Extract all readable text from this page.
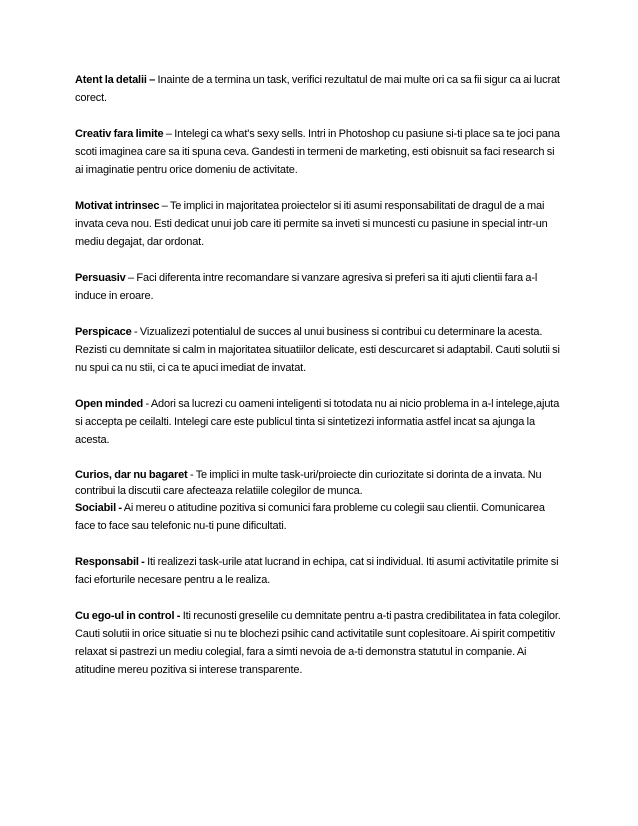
Atent la detalii – Inainte de a termina un task, verifici rezultatul de mai multe ori ca sa fii sigur ca ai lucrat corect.

Creativ fara limite – Intelegi ca what's sexy sells. Intri in Photoshop cu pasiune si-ti place sa te joci pana scoti imaginea care sa iti spuna ceva. Gandesti in termeni de marketing, esti obisnuit sa faci research si ai imaginatie pentru orice domeniu de activitate.

Motivat intrinsec – Te implici in majoritatea proiectelor si iti asumi responsabilitati de dragul de a mai invata ceva nou. Esti dedicat unui job care iti permite sa inveti si muncesti cu pasiune in special intr-un mediu degajat, dar ordonat.

Persuasiv – Faci diferenta intre recomandare si vanzare agresiva si preferi sa iti ajuti clientii fara a-l induce in eroare.

Perspicace - Vizualizezi potentialul de succes al unui business si contribui cu determinare la acesta. Rezisti cu demnitate si calm in majoritatea situatiilor delicate, esti descurcaret si adaptabil. Cauti solutii si nu spui ca nu stii, ci ca te apuci imediat de invatat.

Open minded - Adori sa lucrezi cu oameni inteligenti si totodata nu ai nicio problema in a-l intelege,ajuta si accepta pe ceilalti. Intelegi care este publicul tinta si sintetizezi informatia astfel incat sa ajunga la acesta.

Curios, dar nu bagaret - Te implici in multe task-uri/proiecte din curiozitate si dorinta de a invata. Nu contribui la discutii care afecteaza relatiile colegilor de munca.

Sociabil - Ai mereu o atitudine pozitiva si comunici fara probleme cu colegii sau clientii. Comunicarea face to face sau telefonic nu-ti pune dificultati.

Responsabil - Iti realizezi task-urile atat lucrand in echipa, cat si individual. Iti asumi activitatile primite si faci eforturile necesare pentru a le realiza.

Cu ego-ul in control - Iti recunosti greselile cu demnitate pentru a-ti pastra credibilitatea in fata colegilor. Cauti solutii in orice situatie si nu te blochezi psihic cand activitatile sunt coplesitoare. Ai spirit competitiv relaxat si pastrezi un mediu colegial, fara a simti nevoia de a-ti demonstra statutul in companie. Ai atitudine mereu pozitiva si interese transparente.
